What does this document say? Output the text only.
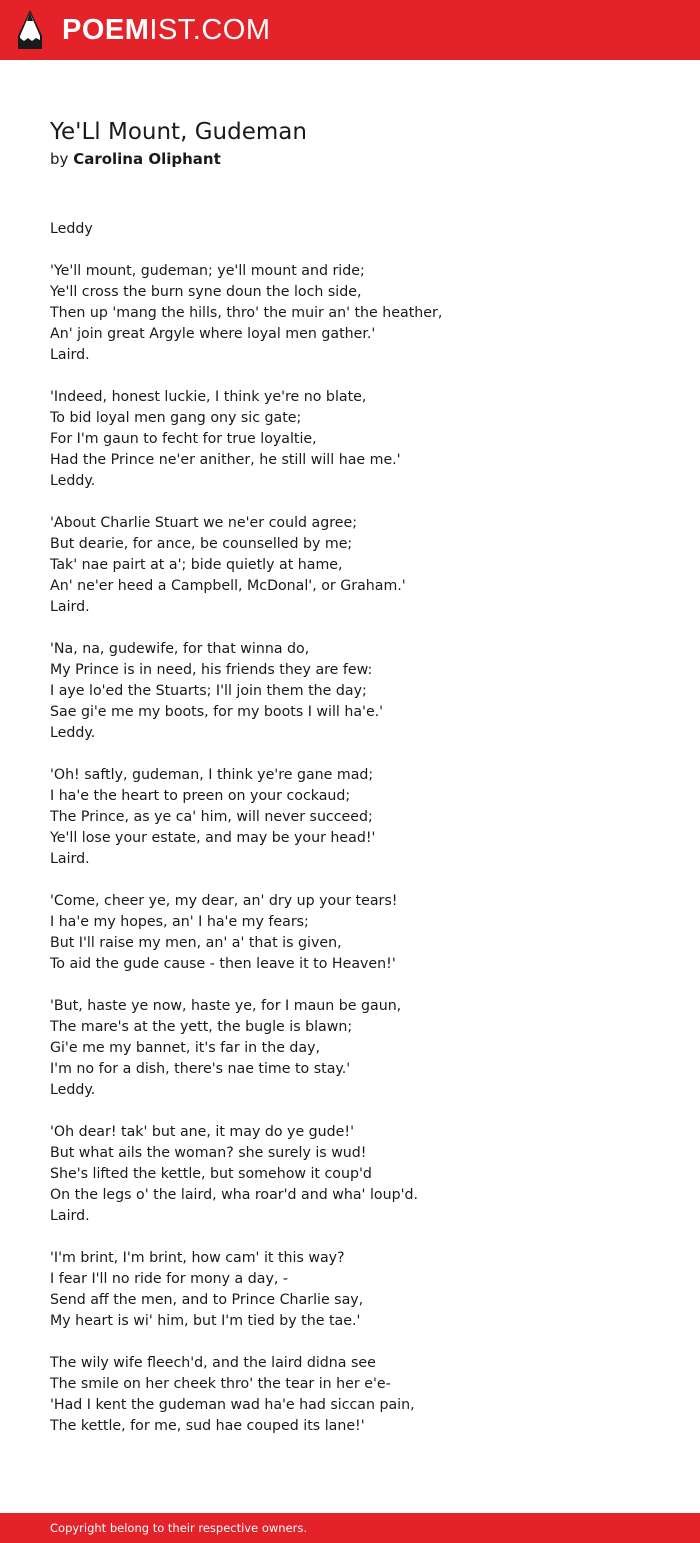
POEMIST.COM
Ye'Ll Mount, Gudeman
by Carolina Oliphant
Leddy
'Ye'll mount, gudeman; ye'll mount and ride;
Ye'll cross the burn syne doun the loch side,
Then up 'mang the hills, thro' the muir an' the heather,
An' join great Argyle where loyal men gather.'
Laird.
'Indeed, honest luckie, I think ye're no blate,
To bid loyal men gang ony sic gate;
For I'm gaun to fecht for true loyaltie,
Had the Prince ne'er anither, he still will hae me.'
Leddy.
'About Charlie Stuart we ne'er could agree;
But dearie, for ance, be counselled by me;
Tak' nae pairt at a'; bide quietly at hame,
An' ne'er heed a Campbell, McDonal', or Graham.'
Laird.
'Na, na, gudewife, for that winna do,
My Prince is in need, his friends they are few:
I aye lo'ed the Stuarts; I'll join them the day;
Sae gi'e me my boots, for my boots I will ha'e.'
Leddy.
'Oh! saftly, gudeman, I think ye're gane mad;
I ha'e the heart to preen on your cockaud;
The Prince, as ye ca' him, will never succeed;
Ye'll lose your estate, and may be your head!'
Laird.
'Come, cheer ye, my dear, an' dry up your tears!
I ha'e my hopes, an' I ha'e my fears;
But I'll raise my men, an' a' that is given,
To aid the gude cause - then leave it to Heaven!'
'But, haste ye now, haste ye, for I maun be gaun,
The mare's at the yett, the bugle is blawn;
Gi'e me my bannet, it's far in the day,
I'm no for a dish, there's nae time to stay.'
Leddy.
'Oh dear! tak' but ane, it may do ye gude!'
But what ails the woman? she surely is wud!
She's lifted the kettle, but somehow it coup'd
On the legs o' the laird, wha roar'd and wha' loup'd.
Laird.
'I'm brint, I'm brint, how cam' it this way?
I fear I'll no ride for mony a day, -
Send aff the men, and to Prince Charlie say,
My heart is wi' him, but I'm tied by the tae.'
The wily wife fleech'd, and the laird didna see
The smile on her cheek thro' the tear in her e'e-
'Had I kent the gudeman wad ha'e had siccan pain,
The kettle, for me, sud hae couped its lane!'
Copyright belong to their respective owners.
